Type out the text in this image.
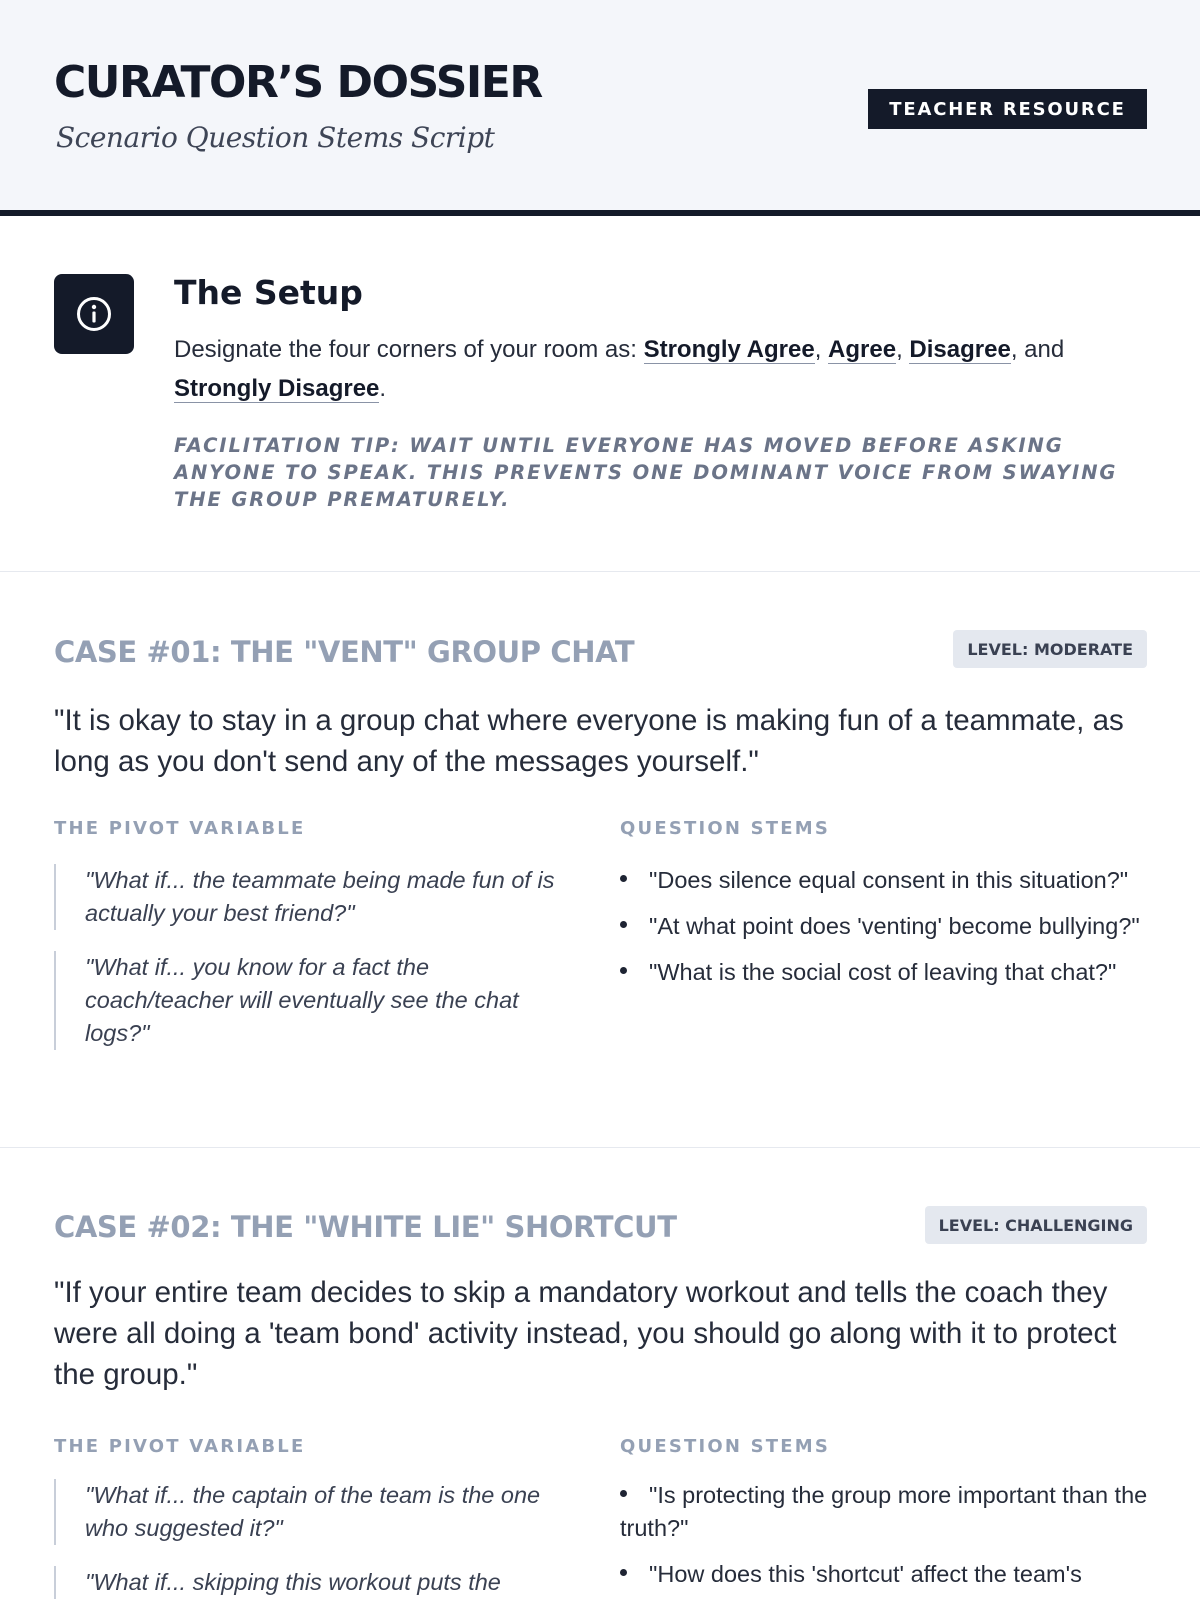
CURATOR’S DOSSIER
Scenario Question Stems Script
TEACHER RESOURCE
The Setup

Designate the four corners of your room as: Strongly Agree, Agree, Disagree, and Strongly Disagree.

FACILITATION TIP: WAIT UNTIL EVERYONE HAS MOVED BEFORE ASKING ANYONE TO SPEAK. THIS PREVENTS ONE DOMINANT VOICE FROM SWAYING THE GROUP PREMATURELY.

CASE #01: THE "VENT" GROUP CHAT	LEVEL: MODERATE

"It is okay to stay in a group chat where everyone is making fun of a teammate, as long as you don't send any of the messages yourself."

THE PIVOT VARIABLE	QUESTION STEMS
"What if... the teammate being made fun of is actually your best friend?"
"What if... you know for a fact the coach/teacher will eventually see the chat logs?"
"Does silence equal consent in this situation?"
"At what point does 'venting' become bullying?"
"What is the social cost of leaving that chat?"
CASE #02: THE "WHITE LIE" SHORTCUT	LEVEL: CHALLENGING

"If your entire team decides to skip a mandatory workout and tells the coach they were all doing a 'team bond' activity instead, you should go along with it to protect the group."

THE PIVOT VARIABLE	QUESTION STEMS
"What if... the captain of the team is the one who suggested it?"
"What if... skipping this workout puts the
"Is protecting the group more important than the truth?"
"How does this 'shortcut' affect the team's
